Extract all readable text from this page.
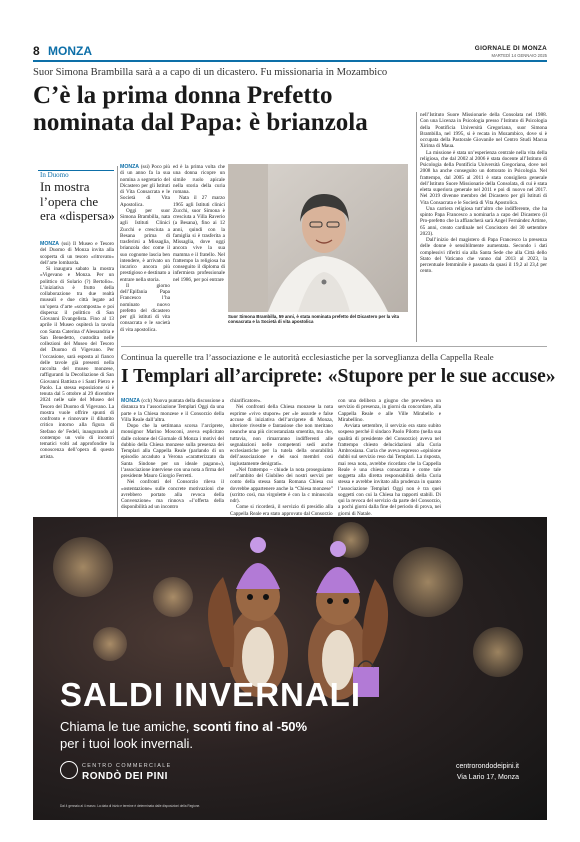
8 MONZA	GIORNALE DI MONZA
MARTEDÌ 14 GENNAIO 2025
Suor Simona Brambilla sarà a a capo di un dicastero. Fu missionaria in Mozambico
C’è la prima donna Prefetto
nominata dal Papa: è brianzola

MONZA (ssi) Poco più di un anno fa la sua nomina a segretario del Dicastero per gli Istituti di Vita Consacrata e le Società di Vita Apostolica.

Oggi per suor Simona Brambilla, nata agli Istituti Clinici Zucchi e cresciuta a Besana prima di trasferirsi a Missaglia, brianzola doc come il suo cognome lascia ben intendere, è arrivato un incarico ancora più prestigioso e destinato a entrare nella storia.

Il giorno dell’Epifania Papa Francesco l’ha nominato nuovo prefetto del dicastero per gli istituti di vita consacrata e le società di vita apostolica.

ed è la prima volta che una donna ricopre un simile ruolo apicale nella storia della curia romana.

Nata il 27 marzo 1965 agli Istituti clinici Zucchi, suor Simona è cresciuta a Villa Raverio (a Besana), fino ai 12 anni, quindi con la famiglia si è trasferita a Missaglia, dove oggi ancora vive la sua mamma e il fratello. Nel frattempo la religiosa ha conseguito il diploma di infermiera professionale nel 1986, per poi entrare

Suor Simona Brambilla, 59 anni, è stata nominata prefetto del Dicastero per la vita consacrata e la Società di vita apostolica

nell’Istituto Suore Missionarie della Consolata nel 1988. Con una Licenza in Psicologia presso l’Istituto di Psicologia della Pontificia Università Gregoriana, suor Simona Brambilla, nel 1995, si è recata in Mozambico, dove si è occupata della Pastorale Giovanile nel Centro Studi Macua Xirima di Maua.

La missione è stata un’esperienza centrale nella vita della religiosa, che dal 2002 al 2006 è stata docente all’Istituto di Psicologia della Pontificia Università Gregoriana, dove nel 2008 ha anche conseguito un dottorato in Psicologia. Nel frattempo, dal 2005 al 2011 è stata consigliera generale dell’Istituto Suore Missionarie della Consolata, di cui è stata eletta superiora generale nel 2011 e poi di nuovo nel 2017. Nel 2019 divenne membro del Dicastero per gli Istituti di Vita Consacrata e le Società di Vita Apostolica.

Una carriera religiosa tutt’altro che indifferente, che ha spinto Papa Francesco a nominarla a capo del Dicastero (il Pro-prefetto che la affiancherà sarà Angel Fernández Artime, 65 anni, creato cardinale nel Concistoro del 30 settembre 2023).

Dall’inizio del magistero di Papa Francesco la presenza delle donne è sensibilmente aumentata. Secondo i dati complessivi riferiti sia alla Santa Sede che alla Città dello Stato del Vaticano che vanno dal 2013 al 2023, la percentuale femminile è passata da quasi il 19,2 al 23,4 per cento.

In Duomo
In mostra l’opera che era «dispersa»

MONZA (ssi) Il Museo e Tesoro del Duomo di Monza invita alla scoperta di un tesoro «ritrovato» dell’arte lombarda.

Si inaugura sabato la mostra «Vigevano e Monza. Per un polittico di Solario (?) Bertolio». L’iniziativa è frutto della collaborazione tra due realtà museali e due città legate ad un’opera d’arte «scomposta» e poi dispersa: il polittico di San Giovanni Evangelista. Fino al 13 aprile il Museo ospiterà la tavola con Santa Caterina d’Alessandria e San Benedetto, custodita nelle collezioni del Museo del Tesoro del Duomo di Vigevano. Per l’occasione, sarà esposta al fianco delle tavole già presenti nella raccolta del museo monzese, raffiguranti la Decollazione di San Giovanni Battista e i Santi Pietro e Paolo. La stessa esposizione si è tenuta dal 5 ottobre al 29 dicembre 2024 nelle sale del Museo del Tesoro del Duomo di Vigevano. La mostra vuole offrire spunti di confronto e rinnovare il dibattito critico intorno alla figura di Stefano de’ Fedeli, inaugurando al contempo un volo di incontri tematici volti ad approfondire la conoscenza dell’opera di questo artista.

Continua la querelle tra l’associazione e le autorità ecclesiastiche per la sorveglianza della Cappella Reale
I Templari all’arciprete: «Stupore per le sue accuse»

MONZA (cch) Nuova puntata della discussione a distanza tra l’associazione Templari Oggi da una parte e la Chiesa monzese e il Consorzio della Villa Reale dall’altra.

Dopo che la settimana scorsa l’arciprete, monsignor Marino Mosconi, aveva esplicitato dalle colonne del Giornale di Monza i motivi del dubbio della Chiesa monzese sulla presenza dei Templari alla Cappella Reale (parlando di un episodio accaduto a Verona «caratterizzato da Santa Sindone per un ideale pagano»), l’associazione interviene con una nota a firma del presidente Mauro Giorgio Ferretti.

Nei confronti del Consorzio rileva il «ostentazione» sulle concrete motivazioni che avrebbero portato alla revoca della Convenzione» ma rinnova «l’offerta della disponibilità ad un incontro

chiarificatore».

Nei confronti della Chiesa monzese la nota esprime «vivo stupore» per «le assurde e false accuse di iniziativa dell’arciprete di Monza, ulteriore rivestite e fantasiose che non meritano neanche una più circostanziata smentita, ma che, tuttavia, non rimarranno indifferenti alle segnalazioni nelle competenti sedi anche ecclesiastiche per la tutela della onorabilità dell’associazione e dei suoi membri così ingiustamente denigrati».

«Nel frattempo – chiude la nota proseguiamo nell’ambito del Giubileo dei nostri servizi per conto della stessa Santa Romana Chiesa cui dovrebbe appartenere anche la “Chiesa monzese” (scritto così, ma virgolette è con la c minuscola ndr).

Come si ricorderà, il servizio di presidio alla Cappella Reale era stato approvato dal Consorzio

con una delibera a giugno che prevedeva un servizio di presenza, in giorni da concordare, alla Cappella Reale e alle Ville Mirabello e Mirabellino.

Avviata settembre, il servizio era stato subito sospeso perché il sindaco Paolo Pilotto (nella sua qualità di presidente del Consorzio) aveva nel frattempo chiesto delucidazioni alla Curia Ambrosiana. Curia che aveva espresso «opinione dubbi sul servizio reso dai Templari. La risposta, mai resa nota, avrebbe ricordato che la Cappella Reale è una chiesa consacrata e come tale soggetta alla diretta responsabilità della Curia stessa e avrebbe invitato alla prudenza in quanto l’associazione Templari Oggi non è tra quei soggetti con cui la Chiesa ha rapporti stabili. Di qui la revoca del servizio da parte del Consorzio, a pochi giorni dalla fine del periodo di prova, nei giorni di Natale.

SALDI INVERNALI
Chiama le tue amiche, sconti fino al -50%
per i tuoi look invernali.
CENTRO COMMERCIALE
RONDÒ DEI PINI
centrorondodeipini.it
Via Lario 17, Monza
Dal 4 gennaio al 4 marzo. La data di inizio e termine è determinata dalle disposizioni della Regione.
